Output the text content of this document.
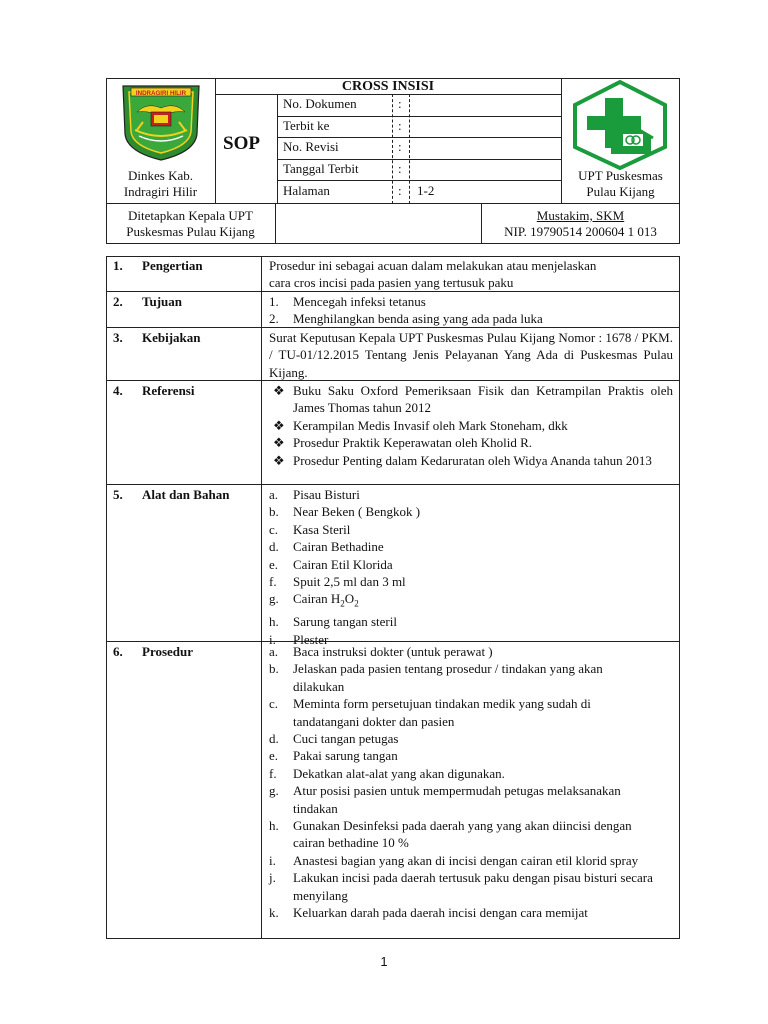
CROSS INSISI
SOP
No. Dokumen	:
Terbit ke	:
No. Revisi	:
Tanggal Terbit	:
Halaman	: 1-2
INDRAGIRI HILIR
Dinkes Kab.
Indragiri Hilir
UPT Puskesmas
Pulau Kijang
Ditetapkan Kepala UPT
Puskesmas Pulau Kijang
Mustakim, SKM
NIP. 19790514 200604 1 013
1. Pengertian	Prosedur ini sebagai acuan dalam melakukan atau menjelaskan
cara cros incisi pada pasien yang tertusuk paku
2. Tujuan	1. Mencegah infeksi tetanus
2. Menghilangkan benda asing yang ada pada luka
3. Kebijakan	Surat Keputusan Kepala UPT Puskesmas Pulau Kijang Nomor : 1678 / PKM. / TU-01/12.2015 Tentang Jenis Pelayanan Yang Ada di Puskesmas Pulau Kijang.
4. Referensi	❖ Buku Saku Oxford Pemeriksaan Fisik dan Ketrampilan Praktis oleh James Thomas tahun 2012
❖ Kerampilan Medis Invasif oleh Mark Stoneham, dkk
❖ Prosedur Praktik Keperawatan oleh Kholid R.
❖ Prosedur Penting dalam Kedaruratan oleh Widya Ananda tahun 2013
5. Alat dan Bahan	a. Pisau Bisturi
b. Near Beken ( Bengkok )
c. Kasa Steril
d. Cairan Bethadine
e. Cairan Etil Klorida
f. Spuit 2,5 ml dan 3 ml
g. Cairan $H_2O_2$
h. Sarung tangan steril
i. Plester
6. Prosedur	a. Baca instruksi dokter (untuk perawat )
b. Jelaskan pada pasien tentang prosedur / tindakan yang akan dilakukan
c. Meminta form persetujuan tindakan medik yang sudah di tandatangani dokter dan pasien
d. Cuci tangan petugas
e. Pakai sarung tangan
f. Dekatkan alat-alat yang akan digunakan.
g. Atur posisi pasien untuk mempermudah petugas melaksanakan tindakan
h. Gunakan Desinfeksi pada daerah yang yang akan diincisi dengan cairan bethadine 10 %
i. Anastesi bagian yang akan di incisi dengan cairan etil klorid spray
j. Lakukan incisi pada daerah tertusuk paku dengan pisau bisturi secara menyilang
k. Keluarkan darah pada daerah incisi dengan cara memijat
1
